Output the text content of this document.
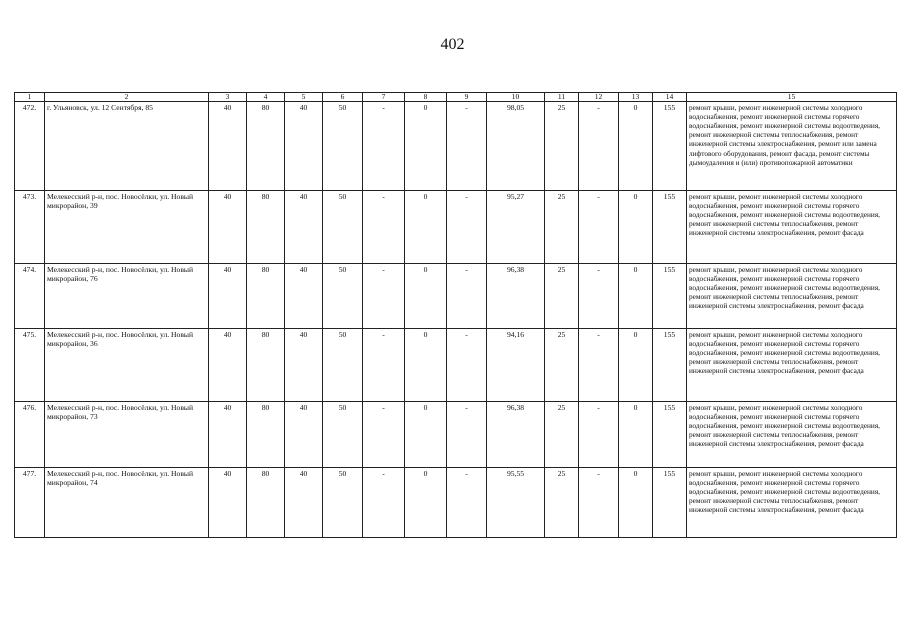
402
1	2	3	4	5	6	7	8	9	10	11	12	13	14	15
472.	г. Ульяновск, ул. 12 Сентября, 85	40	80	40	50	-	0	-	98,05	25	-	0	155	ремонт крыши, ремонт инженерной системы холодного водоснабжения, ремонт инженерной системы горячего водоснабжения, ремонт инженерной системы водоотведения, ремонт инженерной системы теплоснабжения, ремонт инженерной системы электроснабжения, ремонт или замена лифтового оборудования, ремонт фасада, ремонт системы дымоудаления и (или) противопожарной автоматики
473.	Мелекесский р-н, пос. Новосёлки, ул. Новый микрорайон, 39	40	80	40	50	-	0	-	95,27	25	-	0	155	ремонт крыши, ремонт инженерной системы холодного водоснабжения, ремонт инженерной системы горячего водоснабжения, ремонт инженерной системы водоотведения, ремонт инженерной системы теплоснабжения, ремонт инженерной системы электроснабжения, ремонт фасада
474.	Мелекесский р-н, пос. Новосёлки, ул. Новый микрорайон, 76	40	80	40	50	-	0	-	96,38	25	-	0	155	ремонт крыши, ремонт инженерной системы холодного водоснабжения, ремонт инженерной системы горячего водоснабжения, ремонт инженерной системы водоотведения, ремонт инженерной системы теплоснабжения, ремонт инженерной системы электроснабжения, ремонт фасада
475.	Мелекесский р-н, пос. Новосёлки, ул. Новый микрорайон, 36	40	80	40	50	-	0	-	94,16	25	-	0	155	ремонт крыши, ремонт инженерной системы холодного водоснабжения, ремонт инженерной системы горячего водоснабжения, ремонт инженерной системы водоотведения, ремонт инженерной системы теплоснабжения, ремонт инженерной системы электроснабжения, ремонт фасада
476.	Мелекесский р-н, пос. Новосёлки, ул. Новый микрорайон, 73	40	80	40	50	-	0	-	96,38	25	-	0	155	ремонт крыши, ремонт инженерной системы холодного водоснабжения, ремонт инженерной системы горячего водоснабжения, ремонт инженерной системы водоотведения, ремонт инженерной системы теплоснабжения, ремонт инженерной системы электроснабжения, ремонт фасада
477.	Мелекесский р-н, пос. Новосёлки, ул. Новый микрорайон, 74	40	80	40	50	-	0	-	95,55	25	-	0	155	ремонт крыши, ремонт инженерной системы холодного водоснабжения, ремонт инженерной системы горячего водоснабжения, ремонт инженерной системы водоотведения, ремонт инженерной системы теплоснабжения, ремонт инженерной системы электроснабжения, ремонт фасада
